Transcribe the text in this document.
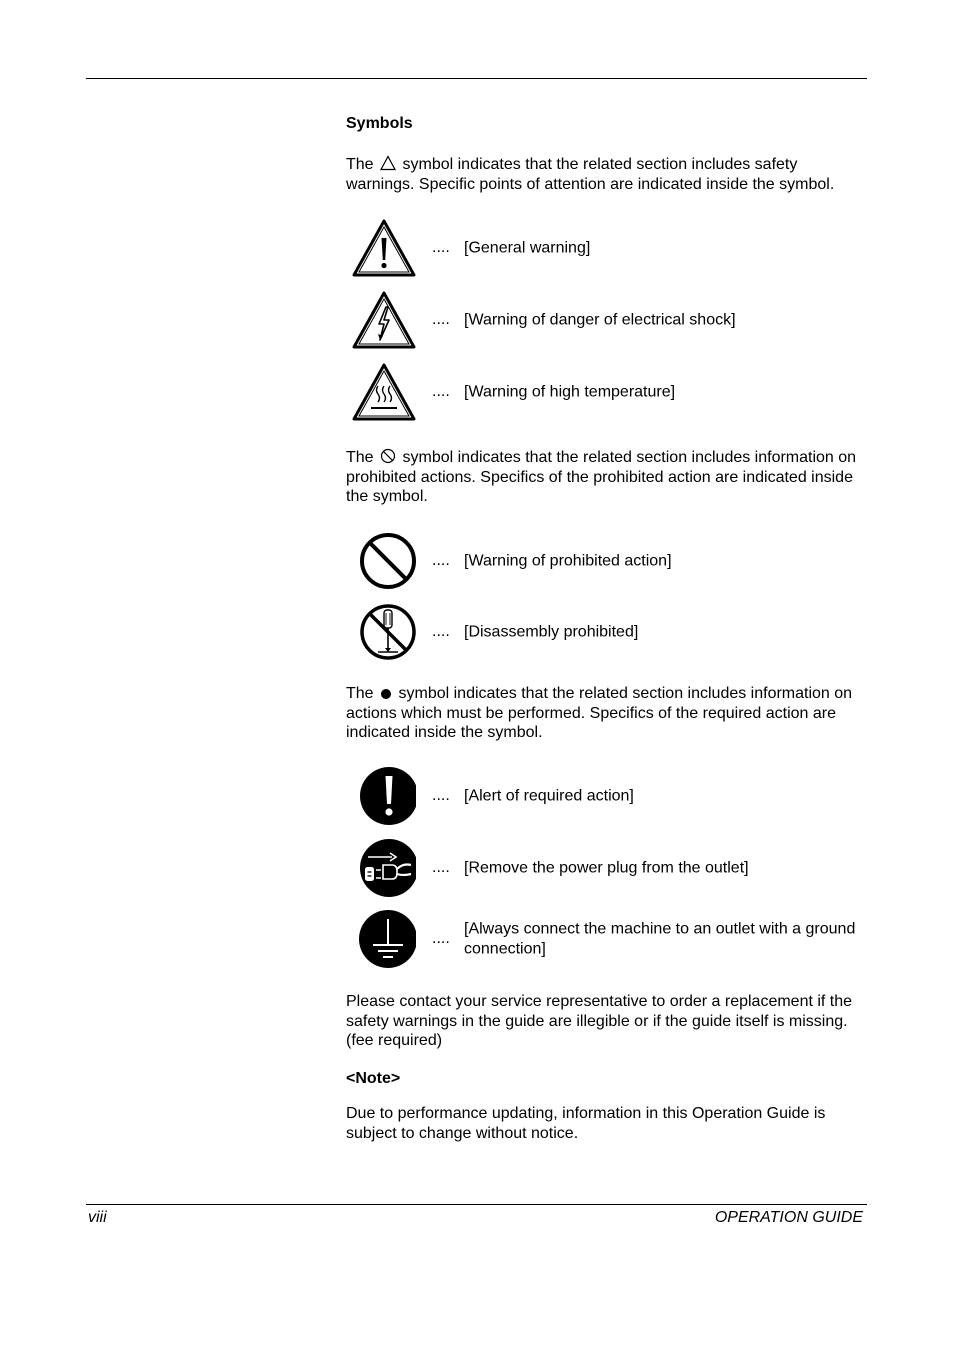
Symbols
The symbol indicates that the related section includes safety warnings. Specific points of attention are indicated inside the symbol.
.... [General warning]
.... [Warning of danger of electrical shock]
.... [Warning of high temperature]
The symbol indicates that the related section includes information on prohibited actions. Specifics of the prohibited action are indicated inside the symbol.
.... [Warning of prohibited action]
.... [Disassembly prohibited]
The symbol indicates that the related section includes information on actions which must be performed. Specifics of the required action are indicated inside the symbol.
.... [Alert of required action]
.... [Remove the power plug from the outlet]
....
[Always connect the machine to an outlet with a ground connection]
Please contact your service representative to order a replacement if the safety warnings in the guide are illegible or if the guide itself is missing. (fee required)
<Note>
Due to performance updating, information in this Operation Guide is subject to change without notice.
viii	OPERATION GUIDE
